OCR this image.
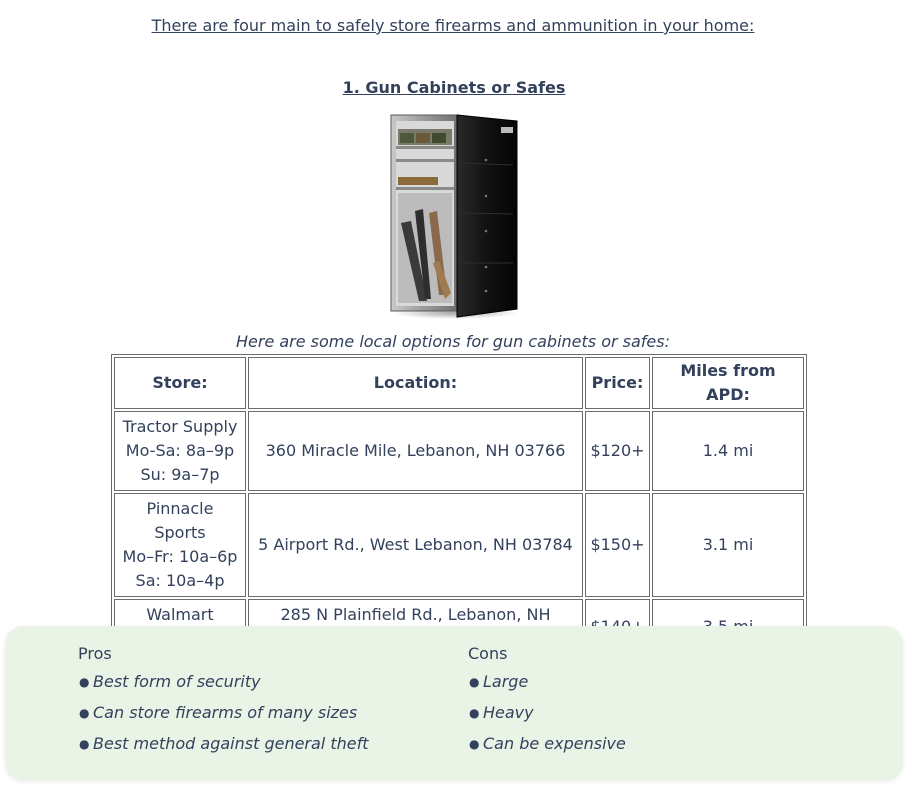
There are four main to safely store firearms and ammunition in your home:
1. Gun Cabinets or Safes
Here are some local options for gun cabinets or safes:
Store:	Location:	Price:	Miles from APD:

Tractor Supply
Mo-Sa: 8a–9p
Su: 9a–7p	360 Miracle Mile, Lebanon, NH 03766	$120+	1.4 mi

Pinnacle Sports
Mo–Fr: 10a–6p
Sa: 10a–4p	5 Airport Rd., West Lebanon, NH 03784	$150+	3.1 mi

Walmart	285 N Plainfield Rd., Lebanon, NH		

Pros

● Best form of security
● Can store firearms of many sizes
● Best method against general theft

Cons

● Large
● Heavy
● Can be expensive
